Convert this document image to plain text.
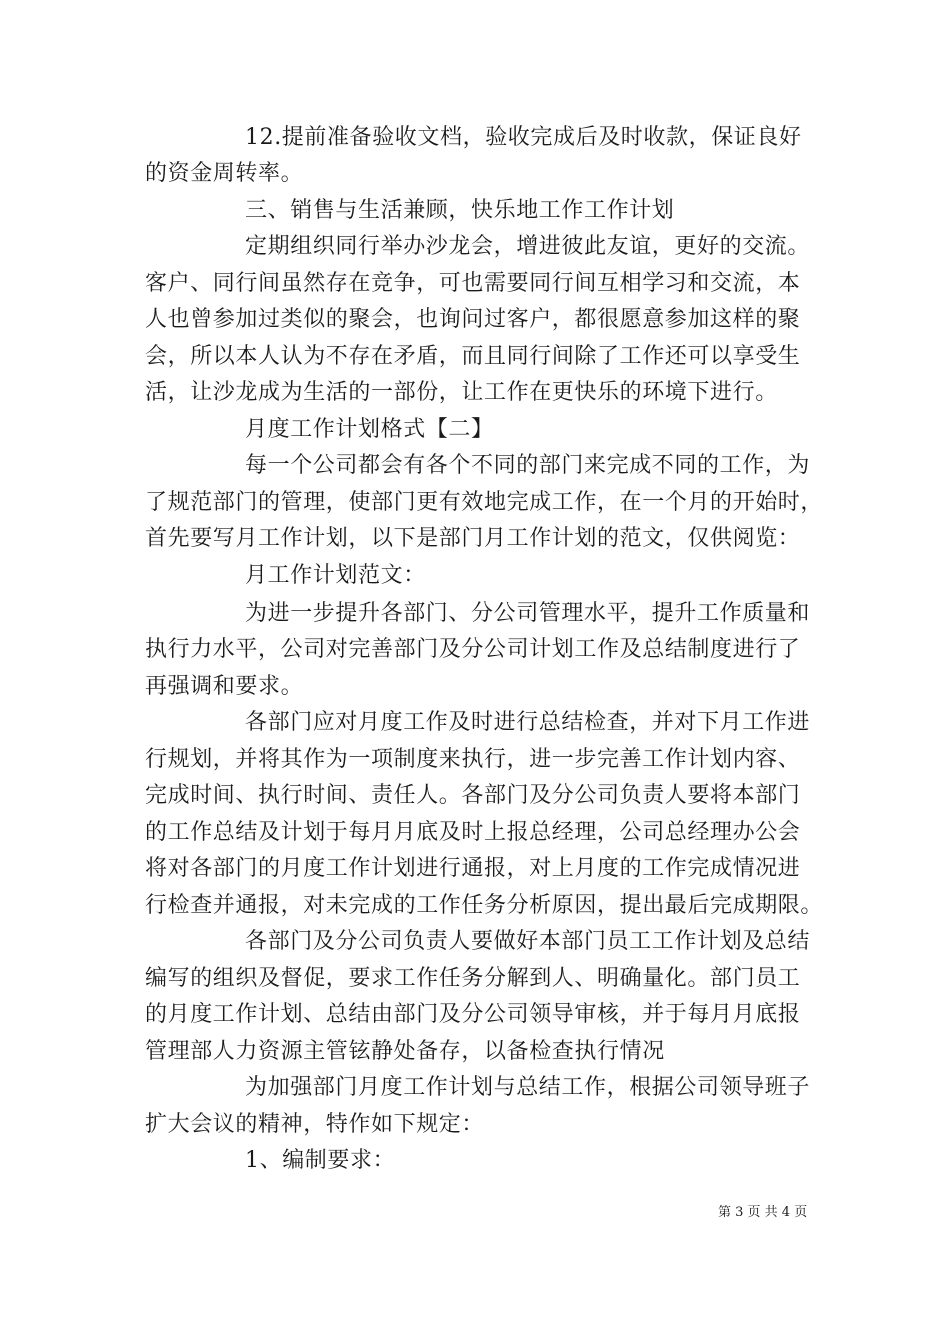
12.提前准备验收文档，验收完成后及时收款，保证良好
的资金周转率。
三、销售与生活兼顾，快乐地工作工作计划
定期组织同行举办沙龙会，增进彼此友谊，更好的交流。
客户、同行间虽然存在竞争，可也需要同行间互相学习和交流，本
人也曾参加过类似的聚会，也询问过客户，都很愿意参加这样的聚
会，所以本人认为不存在矛盾，而且同行间除了工作还可以享受生
活，让沙龙成为生活的一部份，让工作在更快乐的环境下进行。
月度工作计划格式【二】
每一个公司都会有各个不同的部门来完成不同的工作，为
了规范部门的管理，使部门更有效地完成工作，在一个月的开始时，
首先要写月工作计划，以下是部门月工作计划的范文，仅供阅览：
月工作计划范文：
为进一步提升各部门、分公司管理水平，提升工作质量和
执行力水平，公司对完善部门及分公司计划工作及总结制度进行了
再强调和要求。
各部门应对月度工作及时进行总结检查，并对下月工作进
行规划，并将其作为一项制度来执行，进一步完善工作计划内容、
完成时间、执行时间、责任人。各部门及分公司负责人要将本部门
的工作总结及计划于每月月底及时上报总经理，公司总经理办公会
将对各部门的月度工作计划进行通报，对上月度的工作完成情况进
行检查并通报，对未完成的工作任务分析原因，提出最后完成期限。
各部门及分公司负责人要做好本部门员工工作计划及总结
编写的组织及督促，要求工作任务分解到人、明确量化。部门员工
的月度工作计划、总结由部门及分公司领导审核，并于每月月底报
管理部人力资源主管铉静处备存，以备检查执行情况
为加强部门月度工作计划与总结工作，根据公司领导班子
扩大会议的精神，特作如下规定：
1、编制要求：
第 3 页 共 4 页
